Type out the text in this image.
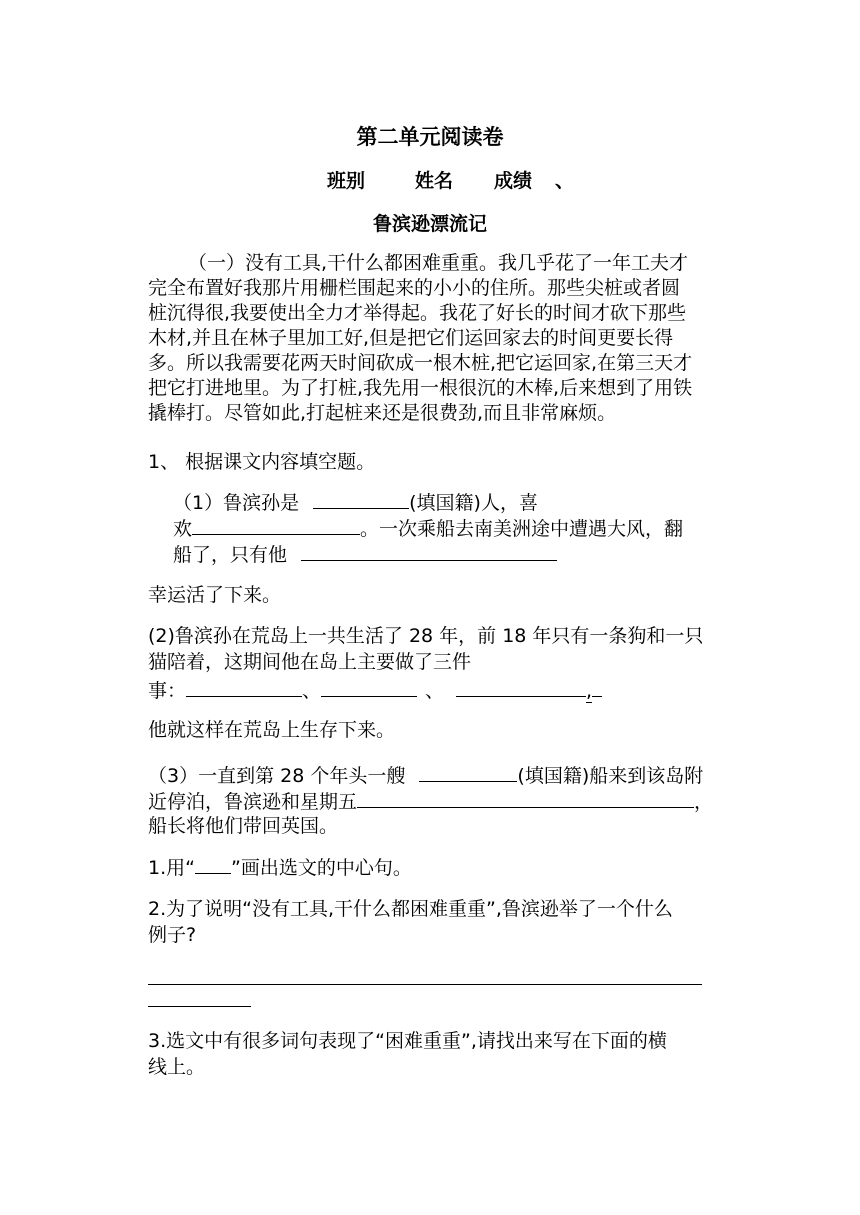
第二单元阅读卷
班别	姓名 成绩 、
鲁滨逊漂流记
（一）没有工具,干什么都困难重重。我几乎花了一年工夫才
完全布置好我那片用栅栏围起来的小小的住所。那些尖桩或者圆
桩沉得很,我要使出全力才举得起。我花了好长的时间才砍下那些
木材,并且在林子里加工好,但是把它们运回家去的时间更要长得
多。所以我需要花两天时间砍成一根木桩,把它运回家,在第三天才
把它打进地里。为了打桩,我先用一根很沉的木棒,后来想到了用铁
撬棒打。尽管如此,打起桩来还是很费劲,而且非常麻烦。
1、 根据课文内容填空题。
（1）鲁滨孙是	(填国籍)人，喜
欢	。一次乘船去南美洲途中遭遇大风，翻
船了，只有他
幸运活了下来。
(2)鲁滨孙在荒岛上一共生活了 28 年，前 18 年只有一条狗和一只
猫陪着，这期间他在岛上主要做了三件
事：	、	、	,
他就这样在荒岛上生存下来。
（3）一直到第 28 个年头一艘	(填国籍)船来到该岛附
近停泊，鲁滨逊和星期五	，
船长将他们带回英国。
1.用“ ”画出选文的中心句。
2.为了说明“没有工具,干什么都困难重重”,鲁滨逊举了一个什么
例子?
3.选文中有很多词句表现了“困难重重”,请找出来写在下面的横
线上。
